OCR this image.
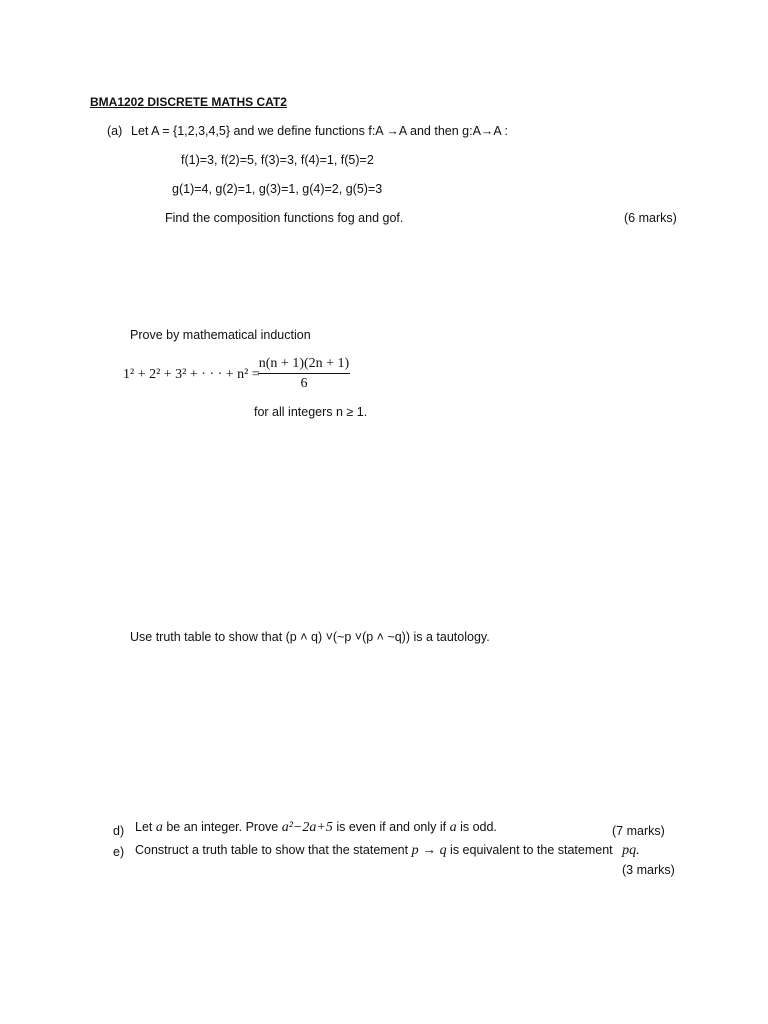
BMA1202 DISCRETE MATHS CAT2
(a) Let A = {1,2,3,4,5} and we define functions f:A →A and then g:A→A :
f(1)=3, f(2)=5, f(3)=3, f(4)=1, f(5)=2
g(1)=4, g(2)=1, g(3)=1, g(4)=2, g(5)=3
Find the composition functions fog and gof.	(6 marks)
Prove by mathematical induction
1² + 2² + 3² + · · · + n² =
$\frac{n(n + 1)(2n + 1)}{6}$
for all integers n ≥ 1.
Use truth table to show that (p ˄ q) ˅(~p ˅(p ˄ ~q)) is a tautology.
d) Let a be an integer. Prove a²−2a+5 is even if and only if a is odd.	(7 marks)
e) Construct a truth table to show that the statement p → q is equivalent to the statement pq.
(3 marks)
